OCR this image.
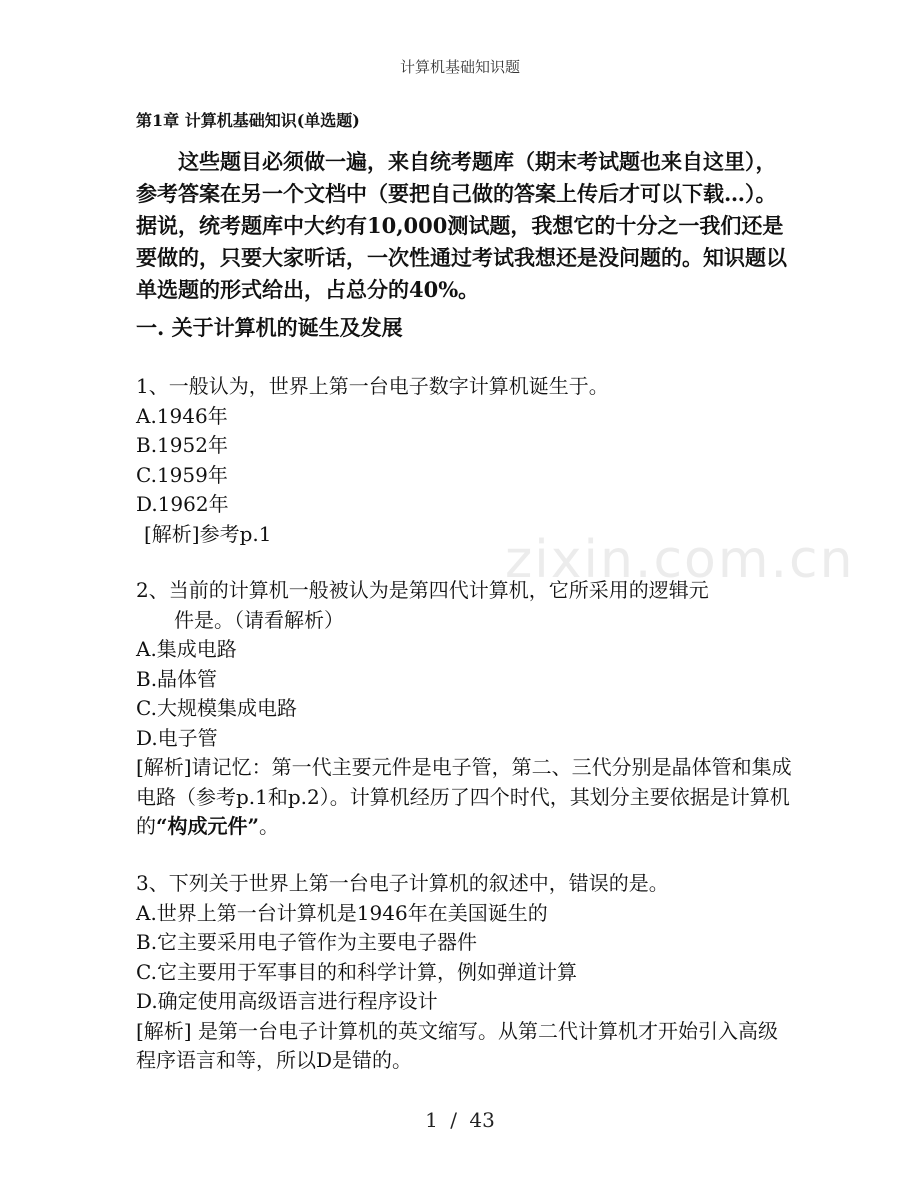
zixin.com.cn
计算机基础知识题
第1章 计算机基础知识(单选题)
这些题目必须做一遍，来自统考题库（期末考试题也来自这里），参考答案在另一个文档中（要把自己做的答案上传后才可以下载…）。据说，统考题库中大约有10,000测试题，我想它的十分之一我们还是要做的，只要大家听话，一次性通过考试我想还是没问题的。知识题以单选题的形式给出，占总分的40%。
一. 关于计算机的诞生及发展
1、一般认为，世界上第一台电子数字计算机诞生于。
A.1946年
B.1952年
C.1959年
D.1962年
[解析]参考p.1
2、当前的计算机一般被认为是第四代计算机，它所采用的逻辑元
件是。（请看解析）
A.集成电路
B.晶体管
C.大规模集成电路
D.电子管
[解析]请记忆：第一代主要元件是电子管，第二、三代分别是晶体管和集成电路（参考p.1和p.2）。计算机经历了四个时代，其划分主要依据是计算机的“构成元件”。
3、下列关于世界上第一台电子计算机的叙述中，错误的是。
A.世界上第一台计算机是1946年在美国诞生的
B.它主要采用电子管作为主要电子器件
C.它主要用于军事目的和科学计算，例如弹道计算
D.确定使用高级语言进行程序设计
[解析] 是第一台电子计算机的英文缩写。从第二代计算机才开始引入高级程序语言和等，所以D是错的。
1 / 43
